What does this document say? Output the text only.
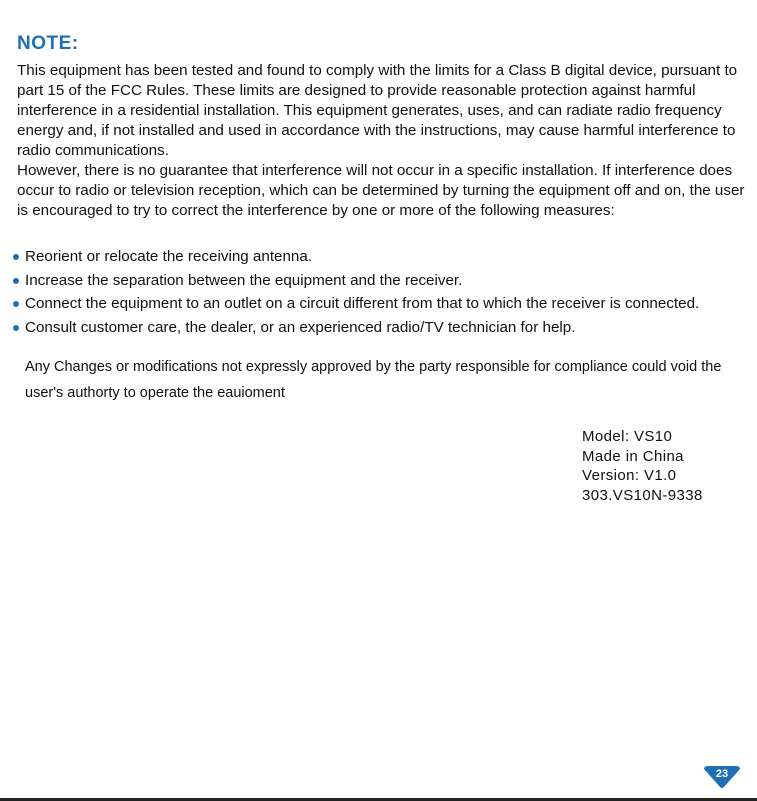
NOTE:

This equipment has been tested and found to comply with the limits for a Class B digital device, pursuant to part 15 of the FCC Rules. These limits are designed to provide reasonable protection against harmful interference in a residential installation. This equipment generates, uses, and can radiate radio frequency energy and, if not installed and used in accordance with the instructions, may cause harmful interference to radio communications.

However, there is no guarantee that interference will not occur in a specific installation. If interference does occur to radio or television reception, which can be determined by turning the equipment off and on, the user is encouraged to try to correct the interference by one or more of the following measures:

Reorient or relocate the receiving antenna.
Increase the separation between the equipment and the receiver.
Connect the equipment to an outlet on a circuit different from that to which the receiver is connected.
Consult customer care, the dealer, or an experienced radio/TV technician for help.
Any Changes or modifications not expressly approved by the party responsible for compliance could void the user's authorty to operate the eauioment
Model: VS10
Made in China
Version: V1.0
303.VS10N-9338
23
